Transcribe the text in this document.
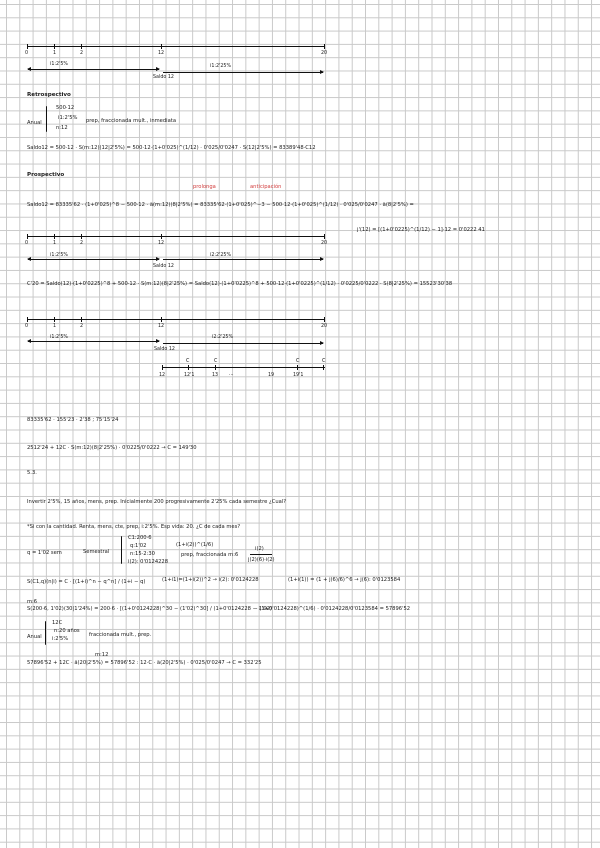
0	1	2	12	20
i1:2'5%	i1:2'25%
Saldo 12
Retrospectivo
Anual
500·12
i1:2'5%
n:12
prep, fraccionada mult., inmediata
Saldo12 = 500·12 · S(m:12)(12|2'5%) = 500·12·(1+0'025)^(1/12) · 0'025/0'0247 · S(12|2'5%) = 83389'48·C12
Prospectivo
prolonga	anticipación
Saldo12 = 83335'62 · (1+0'025)^8 − 500·12 · ä(m:12)(8|2'5%) = 83335'62·(1+0'025)^−3 − 500·12·(1+0'025)^(1/12) · 0'025/0'0247 · ä(8|2'5%) =
j'(12) = [(1+0'0225)^(1/12) − 1]·12 = 0'0222 41
0	1	2	12	20
i1:2'5%	i2:2'25%
Saldo 12
C'20 = Saldo(12)·(1+0'0225)^8 + 500·12 · S(m:12)(8|2'25%) = Saldo(12)·(1+0'0225)^8 + 500·12·(1+0'0225)^(1/12) · 0'0225/0'0222 · S(8|2'25%) = 15523'30'38
0	1	2	12	20
i1:2'5%	i2:2'25%
Saldo 12
C	C	C	C
12	12'1	13 ...	19	19'1
83335'62 · 155'23 · 2'38 ; 75'15'24
2512'24 + 12C · S(m:12)(8|2'25%) · 0'0225/0'0222 → C = 149'30
5.3.
Invertir 2'5%, 15 años, mens, prep. Inicialmente 200 progresivamente 2'25% cada semestre ¿Cual?
*Si con la cantidad. Renta, mens, cte, prep, i:2'5%. Esp vida: 20. ¿C de cada mes?
q = 1'02 sem	Semestral
C1:200·6
q:1'02
n:15·2:30
i(2): 0'0124228
(1+i(2))^(1/6)
prep, fraccionada m:6
i(2)
j(2)(6)·i(2)
S(C1,q)(n|i) = C · [(1+i)^n − q^n] / (1+i − q)	(1+i1)=(1+i(2))^2 → i(2): 0'0124228	(1+i(1)) = (1 + j(6)/6)^6 → j(6): 0'0123584
m:6
S(200·6, 1'02)(30|1'24%) = 200·6 · [(1+0'0124228)^30 − (1'02)^30] / (1+0'0124228 − 1'02)
· (1+0'0124228)^(1/6) · 0'0124228/0'0123584 = 57896'52
Anual
12C
n:20 años
i:2'5%
fraccionada mult., prep.
m:12
57896'52 + 12C · ä(20|2'5%) = 57896'52 : 12·C · ä(20|2'5%) · 0'025/0'0247 → C = 332'25
